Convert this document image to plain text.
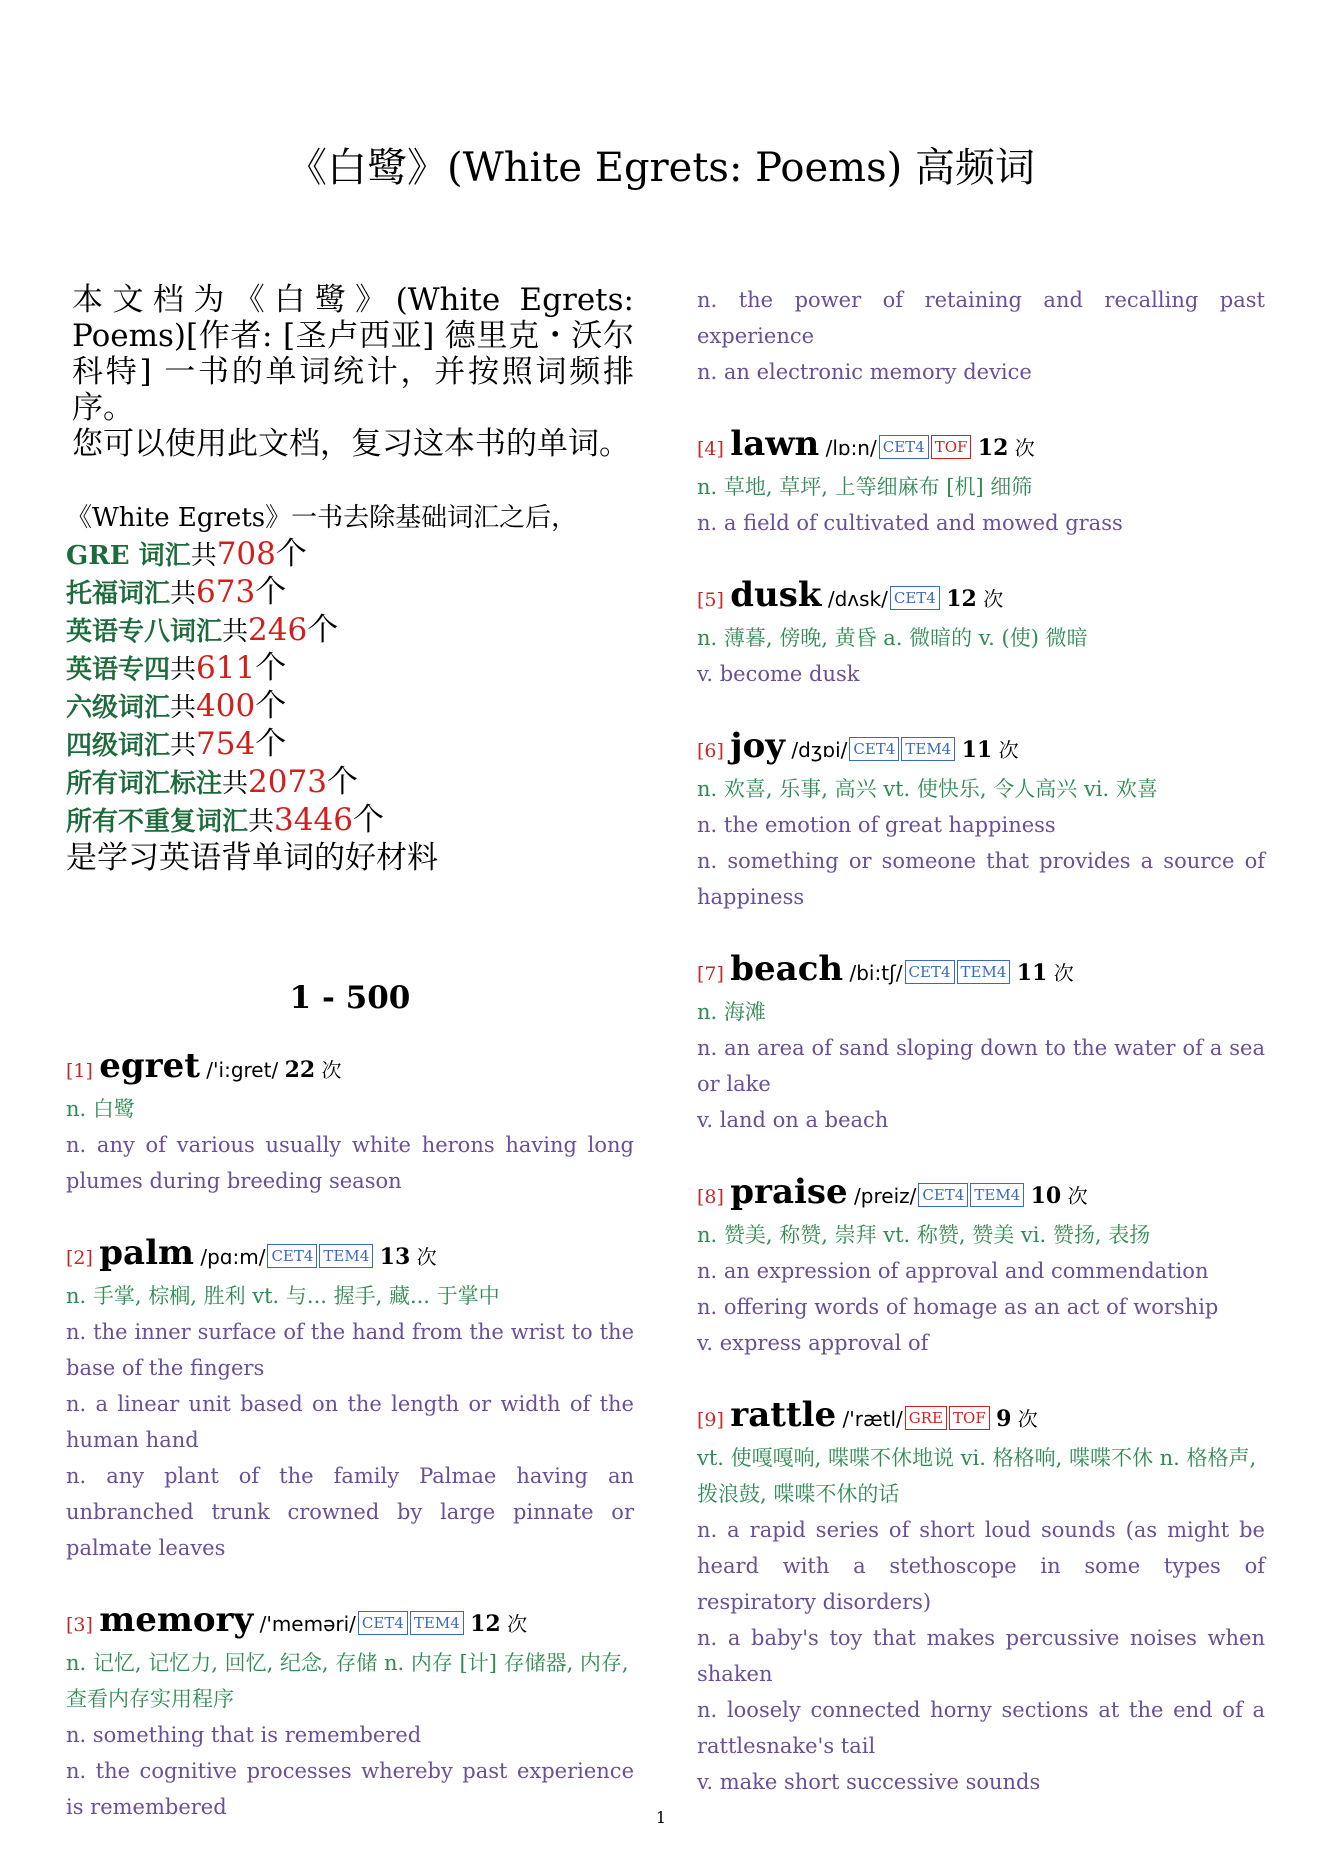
《白鹭》(White Egrets: Poems) 高频词

本文档为《白鹭》(White Egrets: Poems)[作者: [圣卢西亚] 德里克・沃尔科特] 一书的单词统计，并按照词频排序。

您可以使用此文档，复习这本书的单词。

《White Egrets》一书去除基础词汇之后，
GRE 词汇共708个
托福词汇共673个
英语专八词汇共246个
英语专四共611个
六级词汇共400个
四级词汇共754个
所有词汇标注共2073个
所有不重复词汇共3446个
是学习英语背单词的好材料
1 - 500
[1] egret /'i:gret/ 22 次

n. 白鹭

n. any of various usually white herons having long plumes during breeding season

[2] palm /pɑ:m/ CET4 TEM4 13 次

n. 手掌, 棕榈, 胜利 vt. 与... 握手, 藏... 于掌中

n. the inner surface of the hand from the wrist to the base of the fingers

n. a linear unit based on the length or width of the human hand

n. any plant of the family Palmae having an unbranched trunk crowned by large pinnate or palmate leaves

[3] memory /'meməri/ CET4 TEM4 12 次

n. 记忆, 记忆力, 回忆, 纪念, 存储 n. 内存 [计] 存储器, 内存, 查看内存实用程序

n. something that is remembered

n. the cognitive processes whereby past experience is remembered

n. the power of retaining and recalling past experience

n. an electronic memory device

[4] lawn /lɒ:n/ CET4 TOF 12 次

n. 草地, 草坪, 上等细麻布 [机] 细筛

n. a field of cultivated and mowed grass

[5] dusk /dʌsk/ CET4 12 次

n. 薄暮, 傍晚, 黄昏 a. 微暗的 v. (使) 微暗

v. become dusk

[6] joy /dʒɒi/ CET4 TEM4 11 次

n. 欢喜, 乐事, 高兴 vt. 使快乐, 令人高兴 vi. 欢喜

n. the emotion of great happiness

n. something or someone that provides a source of happiness

[7] beach /bi:tʃ/ CET4 TEM4 11 次

n. 海滩

n. an area of sand sloping down to the water of a sea or lake

v. land on a beach

[8] praise /preiz/ CET4 TEM4 10 次

n. 赞美, 称赞, 崇拜 vt. 称赞, 赞美 vi. 赞扬, 表扬

n. an expression of approval and commendation

n. offering words of homage as an act of worship

v. express approval of

[9] rattle /'rætl/ GRE TOF 9 次

vt. 使嘎嘎响, 喋喋不休地说 vi. 格格响, 喋喋不休 n. 格格声, 拨浪鼓, 喋喋不休的话

n. a rapid series of short loud sounds (as might be heard with a stethoscope in some types of respiratory disorders)

n. a baby's toy that makes percussive noises when shaken

n. loosely connected horny sections at the end of a rattlesnake's tail

v. make short successive sounds

1
